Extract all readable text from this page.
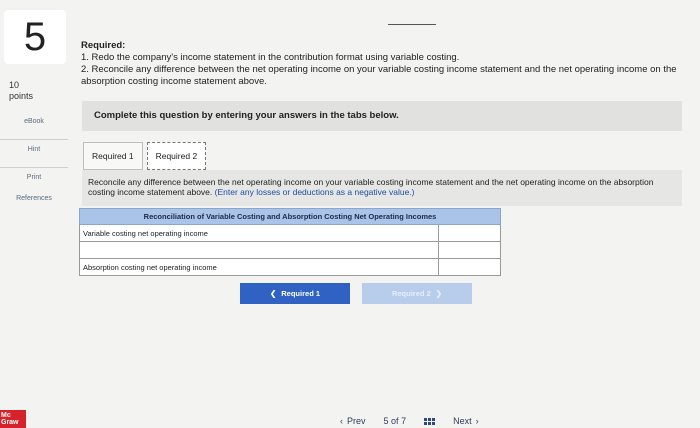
5
10
points
eBook
Hint
Print
References
Required:
1. Redo the company's income statement in the contribution format using variable costing.
2. Reconcile any difference between the net operating income on your variable costing income statement and the net operating income on the absorption costing income statement above.
Complete this question by entering your answers in the tabs below.
Required 1	Required 2
Reconcile any difference between the net operating income on your variable costing income statement and the net operating income on the absorption costing income statement above. (Enter any losses or deductions as a negative value.)
Reconciliation of Variable Costing and Absorption Costing Net Operating Incomes	
Variable costing net operating income	

Absorption costing net operating income	
❮ Required 1	Required 2 ❯
Mc
Graw	‹ Prev 5 of 7	Next ›
